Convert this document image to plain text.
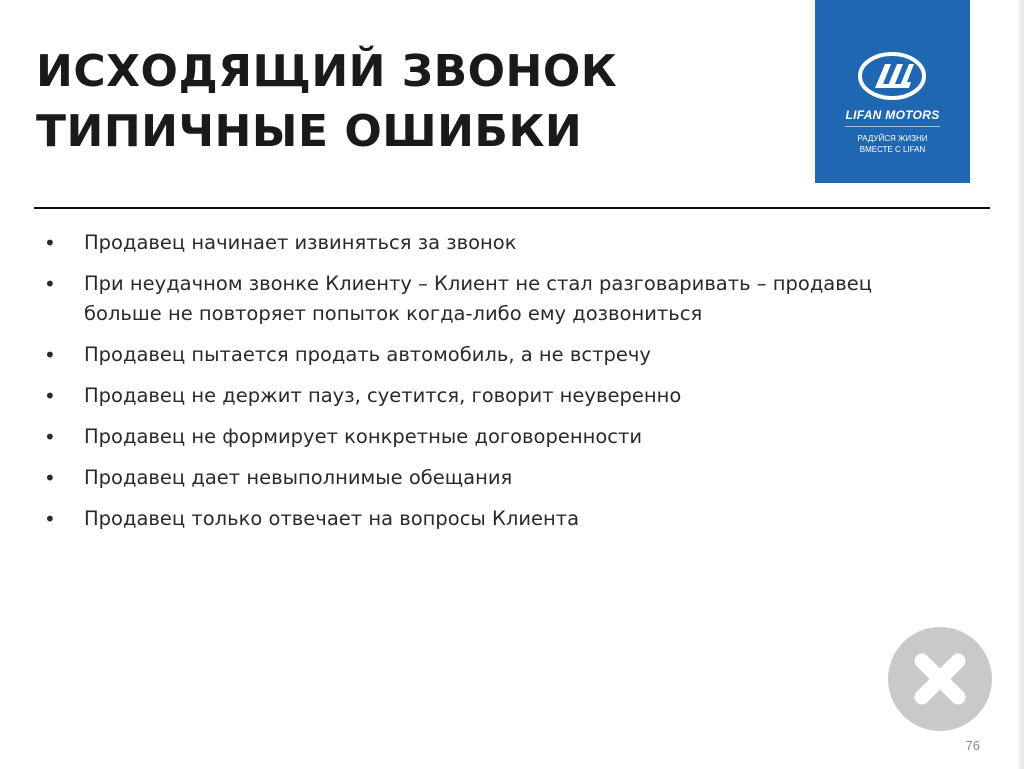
ИСХОДЯЩИЙ ЗВОНОК
ТИПИЧНЫЕ ОШИБКИ	LIFAN MOTORS
РАДУЙСЯ ЖИЗНИ
ВМЕСТЕ С LIFAN
• Продавец начинает извиняться за звонок
• При неудачном звонке Клиенту – Клиент не стал разговаривать – продавец больше не повторяет попыток когда-либо ему дозвониться
• Продавец пытается продать автомобиль, а не встречу
• Продавец не держит пауз, суетится, говорит неуверенно
• Продавец не формирует конкретные договоренности
• Продавец дает невыполнимые обещания
• Продавец только отвечает на вопросы Клиента
76
